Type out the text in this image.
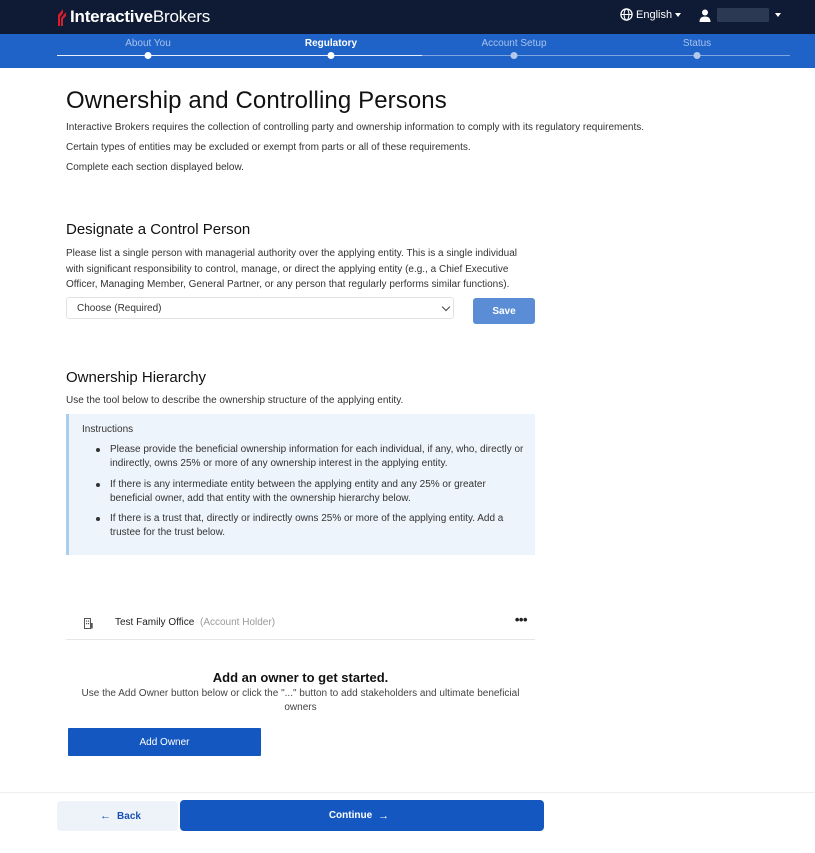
Interactive Brokers	English
About You	Regulatory	Account Setup	Status
Ownership and Controlling Persons
Interactive Brokers requires the collection of controlling party and ownership information to comply with its regulatory requirements.
Certain types of entities may be excluded or exempt from parts or all of these requirements.
Complete each section displayed below.
Designate a Control Person
Please list a single person with managerial authority over the applying entity. This is a single individual with significant responsibility to control, manage, or direct the applying entity (e.g., a Chief Executive Officer, Managing Member, General Partner, or any person that regularly performs similar functions).
Choose (Required)	Save
Ownership Hierarchy
Use the tool below to describe the ownership structure of the applying entity.
Instructions
Please provide the beneficial ownership information for each individual, if any, who, directly or indirectly, owns 25% or more of any ownership interest in the applying entity.
If there is any intermediate entity between the applying entity and any 25% or greater beneficial owner, add that entity with the ownership hierarchy below.
If there is a trust that, directly or indirectly owns 25% or more of the applying entity. Add a trustee for the trust below.
Test Family Office (Account Holder)	•••
Add an owner to get started.
Use the Add Owner button below or click the "..." button to add stakeholders and ultimate beneficial owners
Add Owner
← Back	Continue →
